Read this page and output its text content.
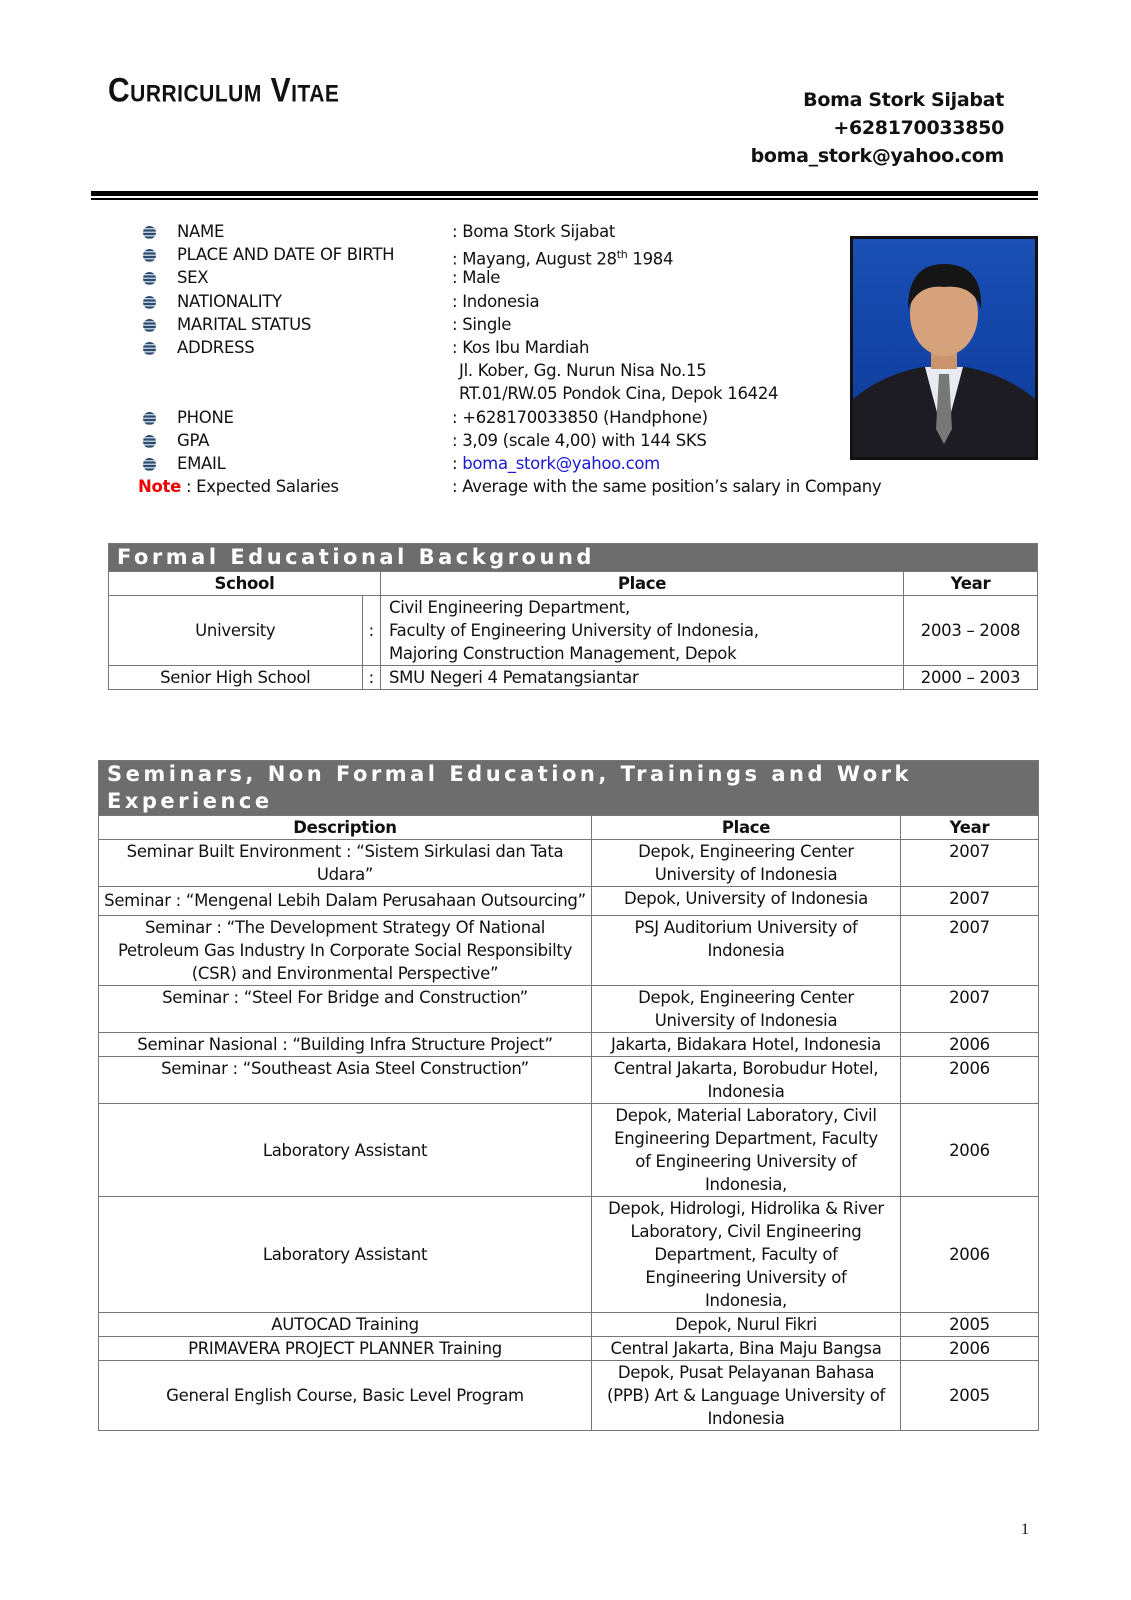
Curriculum Vitae	Boma Stork Sijabat
+628170033850
boma_stork@yahoo.com
NAME	: Boma Stork Sijabat
PLACE AND DATE OF BIRTH	: Mayang, August 28th 1984
SEX	: Male
NATIONALITY	: Indonesia
MARITAL STATUS	: Single
ADDRESS	: Kos Ibu Mardiah
Jl. Kober, Gg. Nurun Nisa No.15
RT.01/RW.05 Pondok Cina, Depok 16424
PHONE	: +628170033850 (Handphone)
GPA	: 3,09 (scale 4,00) with 144 SKS
EMAIL	: boma_stork@yahoo.com
Note : Expected Salaries	: Average with the same position’s salary in Company
Formal Educational Background			
School		Place	Year
University	:	Civil Engineering Department,
Faculty of Engineering University of Indonesia,
Majoring Construction Management, Depok	2003 – 2008
Senior High School	:	SMU Negeri 4 Pematangsiantar	2000 – 2003
Seminars, Non Formal Education, Trainings and Work Experience		
Description	Place	Year
Seminar Built Environment : “Sistem Sirkulasi dan Tata Udara”	Depok, Engineering Center University of Indonesia	2007
Seminar : “Mengenal Lebih Dalam Perusahaan Outsourcing”	Depok, University of Indonesia	2007
Seminar : “The Development Strategy Of National Petroleum Gas Industry In Corporate Social Responsibilty (CSR) and Environmental Perspective”	PSJ Auditorium University of Indonesia	2007
Seminar : “Steel For Bridge and Construction”	Depok, Engineering Center University of Indonesia	2007
Seminar Nasional : “Building Infra Structure Project”	Jakarta, Bidakara Hotel, Indonesia	2006
Seminar : “Southeast Asia Steel Construction”	Central Jakarta, Borobudur Hotel, Indonesia	2006
Laboratory Assistant	Depok, Material Laboratory, Civil Engineering Department, Faculty of Engineering University of Indonesia,	2006
Laboratory Assistant	Depok, Hidrologi, Hidrolika & River Laboratory, Civil Engineering Department, Faculty of Engineering University of Indonesia,	2006
AUTOCAD Training	Depok, Nurul Fikri	2005
PRIMAVERA PROJECT PLANNER Training	Central Jakarta, Bina Maju Bangsa	2006
General English Course, Basic Level Program	Depok, Pusat Pelayanan Bahasa (PPB) Art & Language University of Indonesia	2005
1
